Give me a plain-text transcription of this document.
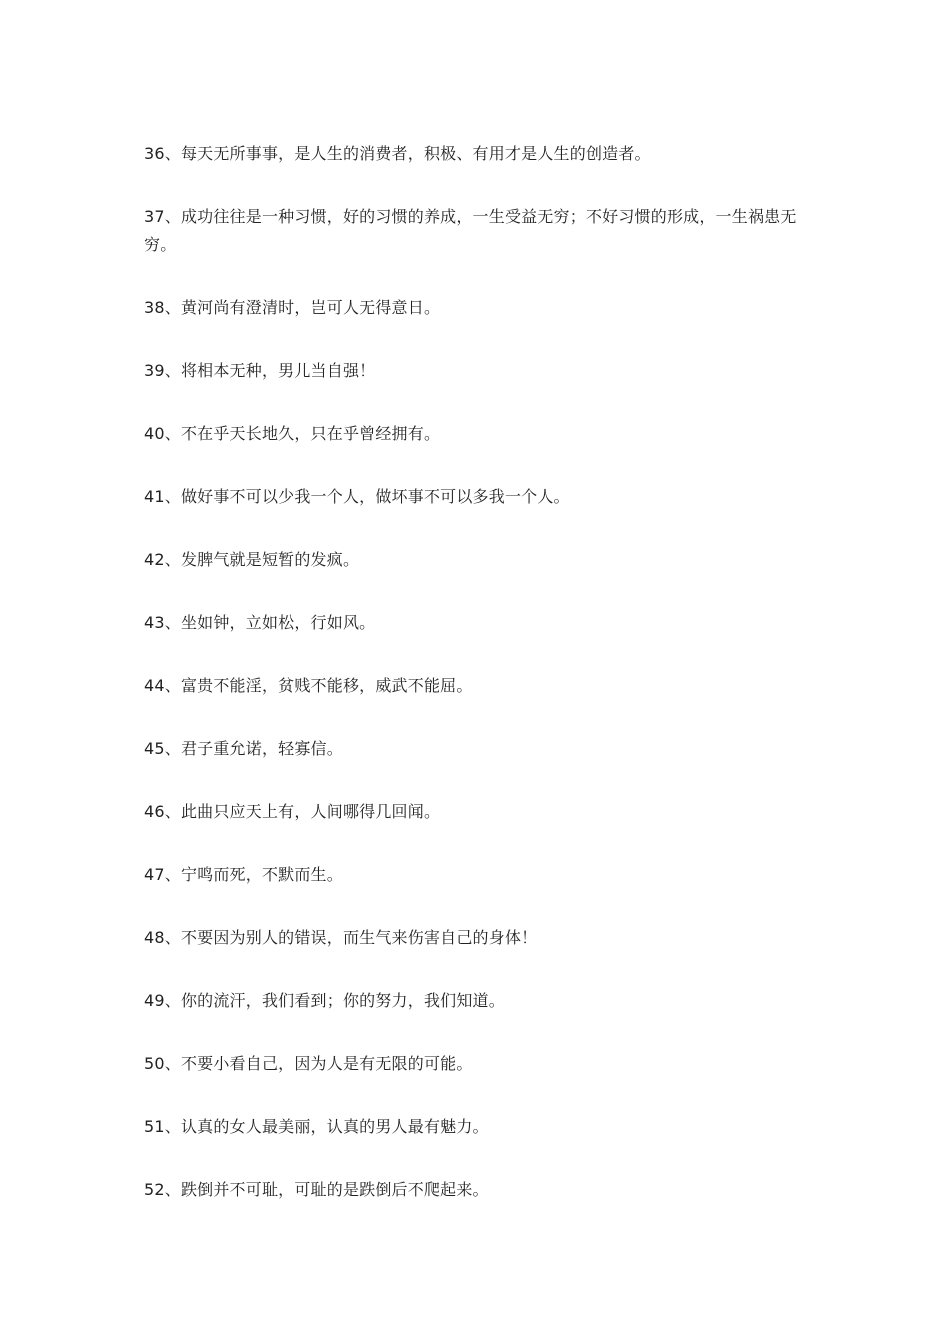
36、每天无所事事，是人生的消费者，积极、有用才是人生的创造者。

37、成功往往是一种习惯，好的习惯的养成，一生受益无穷；不好习惯的形成，一生祸患无穷。

38、黄河尚有澄清时，岂可人无得意日。

39、将相本无种，男儿当自强！

40、不在乎天长地久，只在乎曾经拥有。

41、做好事不可以少我一个人，做坏事不可以多我一个人。

42、发脾气就是短暂的发疯。

43、坐如钟，立如松，行如风。

44、富贵不能淫，贫贱不能移，威武不能屈。

45、君子重允诺，轻寡信。

46、此曲只应天上有，人间哪得几回闻。

47、宁鸣而死，不默而生。

48、不要因为别人的错误，而生气来伤害自己的身体！

49、你的流汗，我们看到；你的努力，我们知道。

50、不要小看自己，因为人是有无限的可能。

51、认真的女人最美丽，认真的男人最有魅力。

52、跌倒并不可耻，可耻的是跌倒后不爬起来。
